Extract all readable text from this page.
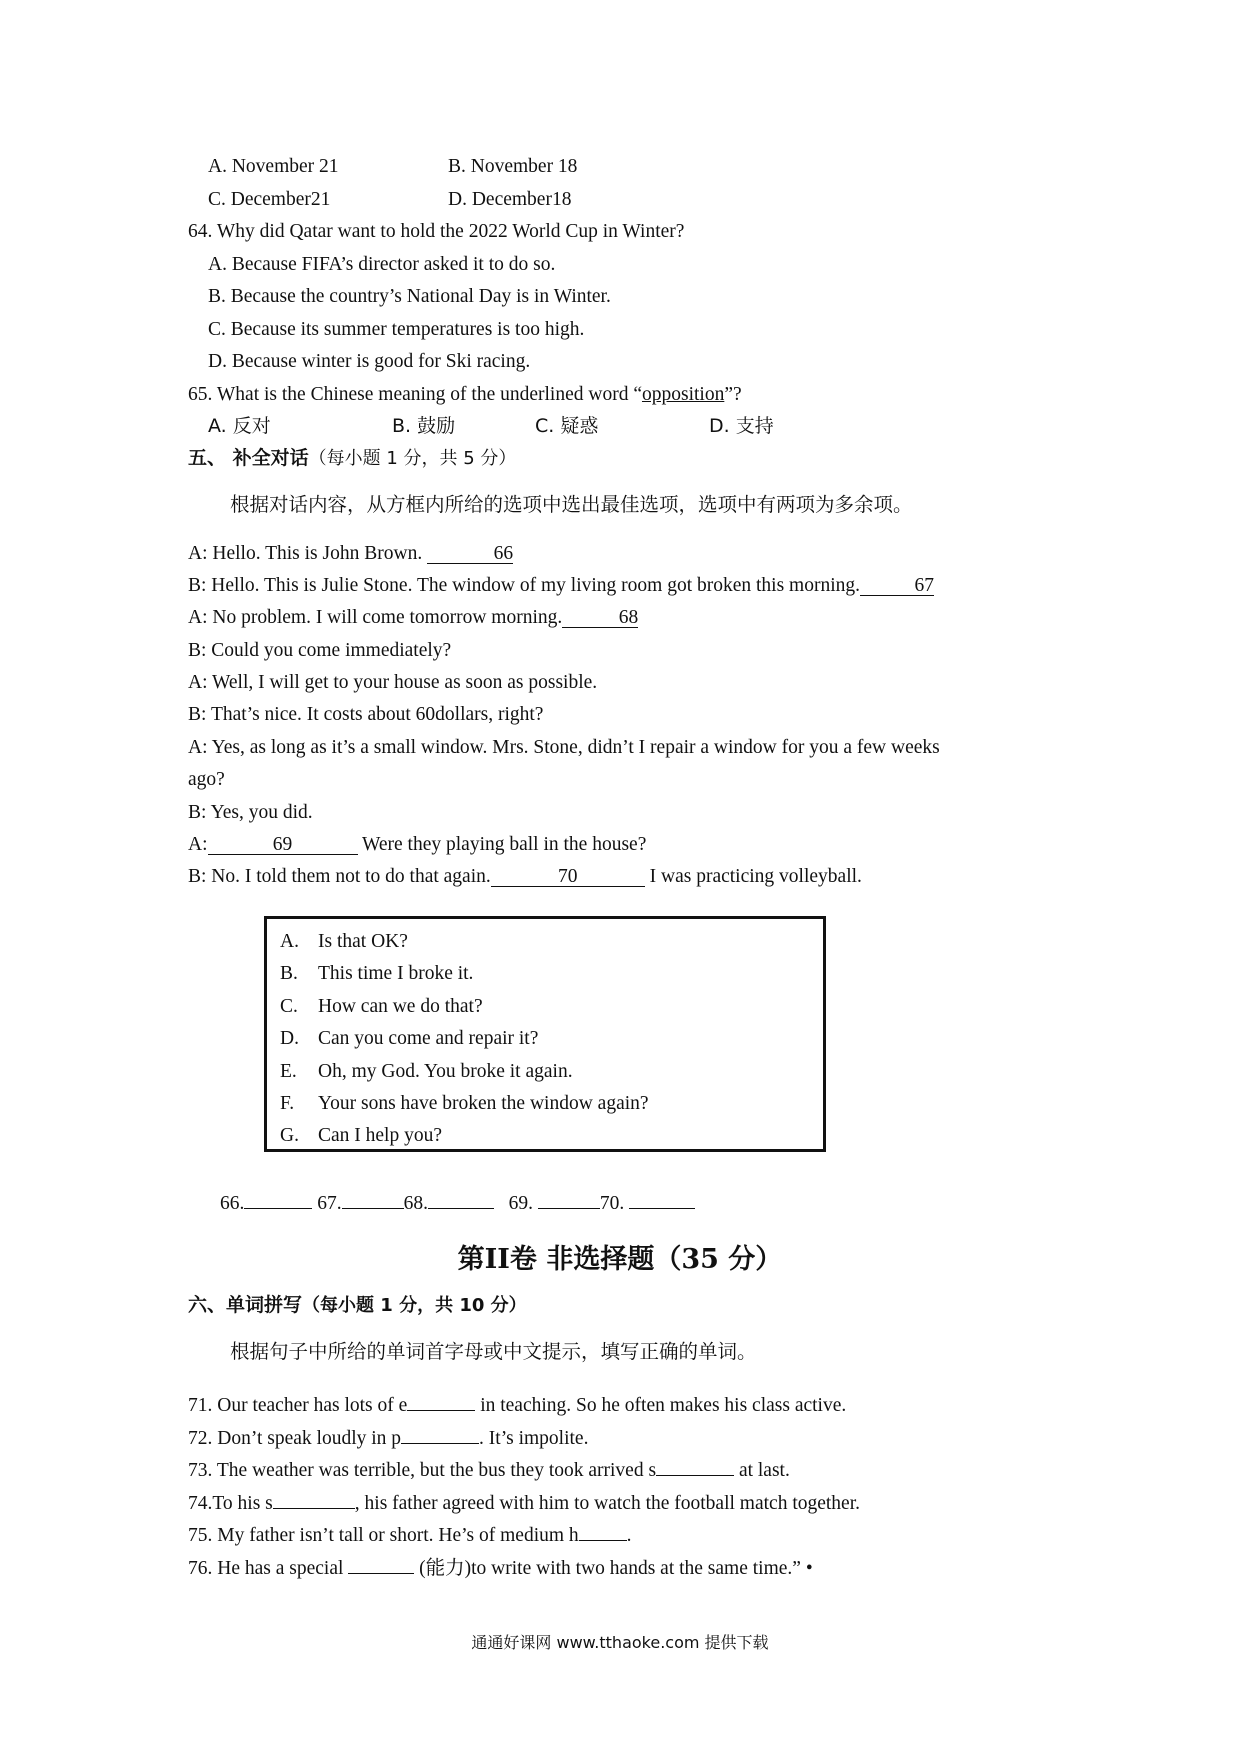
A. November 21	B. November 18
C. December21	D. December18
64. Why did Qatar want to hold the 2022 World Cup in Winter?
A. Because FIFA’s director asked it to do so.
B. Because the country’s National Day is in Winter.
C. Because its summer temperatures is too high.
D. Because winter is good for Ski racing.
65. What is the Chinese meaning of the underlined word “opposition”?
A. 反对	B. 鼓励	C. 疑惑	D. 支持
五、 补全对话（每小题 1 分，共 5 分）
根据对话内容，从方框内所给的选项中选出最佳选项，选项中有两项为多余项。
A: Hello. This is John Brown.	66
B: Hello. This is Julie Stone. The window of my living room got broken this morning.	67
A: No problem. I will come tomorrow morning.	68
B: Could you come immediately?
A: Well, I will get to your house as soon as possible.
B: That’s nice. It costs about 60dollars, right?
A: Yes, as long as it’s a small window. Mrs. Stone, didn’t I repair a window for you a few weeks
ago?
B: Yes, you did.
A:	69	Were they playing ball in the house?
B: No. I told them not to do that again.	70	I was practicing volleyball.
A. Is that OK?
B. This time I broke it.
C. How can we do that?
D. Can you come and repair it?
E. Oh, my God. You broke it again.
F. Your sons have broken the window again?
G. Can I help you?
66.	67.	68.	69.	70.
第II卷 非选择题（35 分）
六、单词拼写（每小题 1 分，共 10 分）
根据句子中所给的单词首字母或中文提示，填写正确的单词。
71. Our teacher has lots of e	in teaching. So he often makes his class active.
72. Don’t speak loudly in p	. It’s impolite.
73. The weather was terrible, but the bus they took arrived s	at last.
74.To his s	, his father agreed with him to watch the football match together.
75. My father isn’t tall or short. He’s of medium h .
76. He has a special	(能力)to write with two hands at the same time.” •
通通好课网 www.tthaoke.com 提供下载
